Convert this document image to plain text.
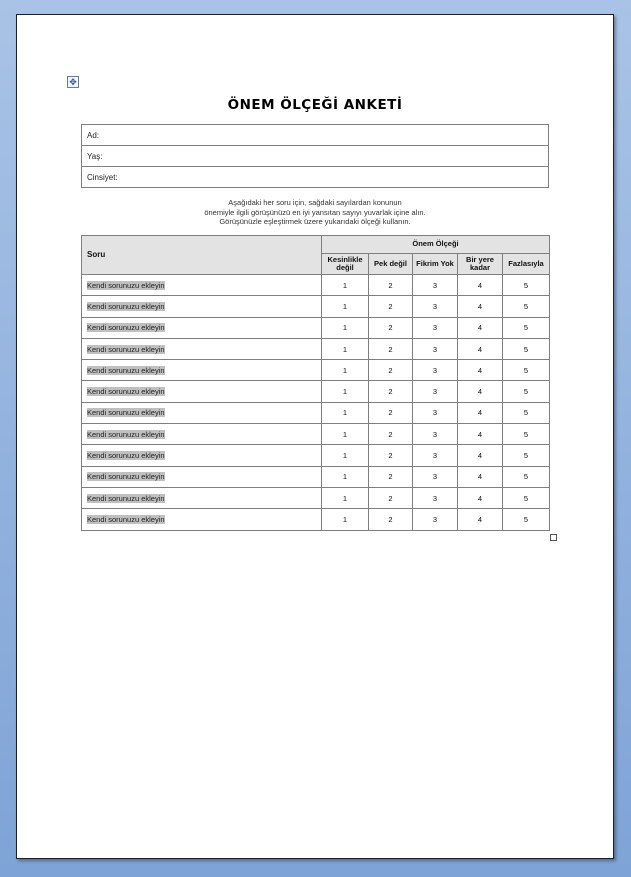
✥
ÖNEM ÖLÇEĞİ ANKETİ
Ad:
Yaş:
Cinsiyet:
Aşağıdaki her soru için, sağdaki sayılardan konunun
önemiyle ilgili görüşünüzü en iyi yansıtan sayıyı yuvarlak içine alın.
Görüşünüzle eşleştirmek üzere yukarıdaki ölçeği kullanın.
Soru	Önem Ölçeği				
	Kesinlikle değil	Pek değil	Fikrim Yok	Bir yere kadar	Fazlasıyla
Kendi sorunuzu ekleyin	1	2	3	4	5
Kendi sorunuzu ekleyin	1	2	3	4	5
Kendi sorunuzu ekleyin	1	2	3	4	5
Kendi sorunuzu ekleyin	1	2	3	4	5
Kendi sorunuzu ekleyin	1	2	3	4	5
Kendi sorunuzu ekleyin	1	2	3	4	5
Kendi sorunuzu ekleyin	1	2	3	4	5
Kendi sorunuzu ekleyin	1	2	3	4	5
Kendi sorunuzu ekleyin	1	2	3	4	5
Kendi sorunuzu ekleyin	1	2	3	4	5
Kendi sorunuzu ekleyin	1	2	3	4	5
Kendi sorunuzu ekleyin	1	2	3	4	5
